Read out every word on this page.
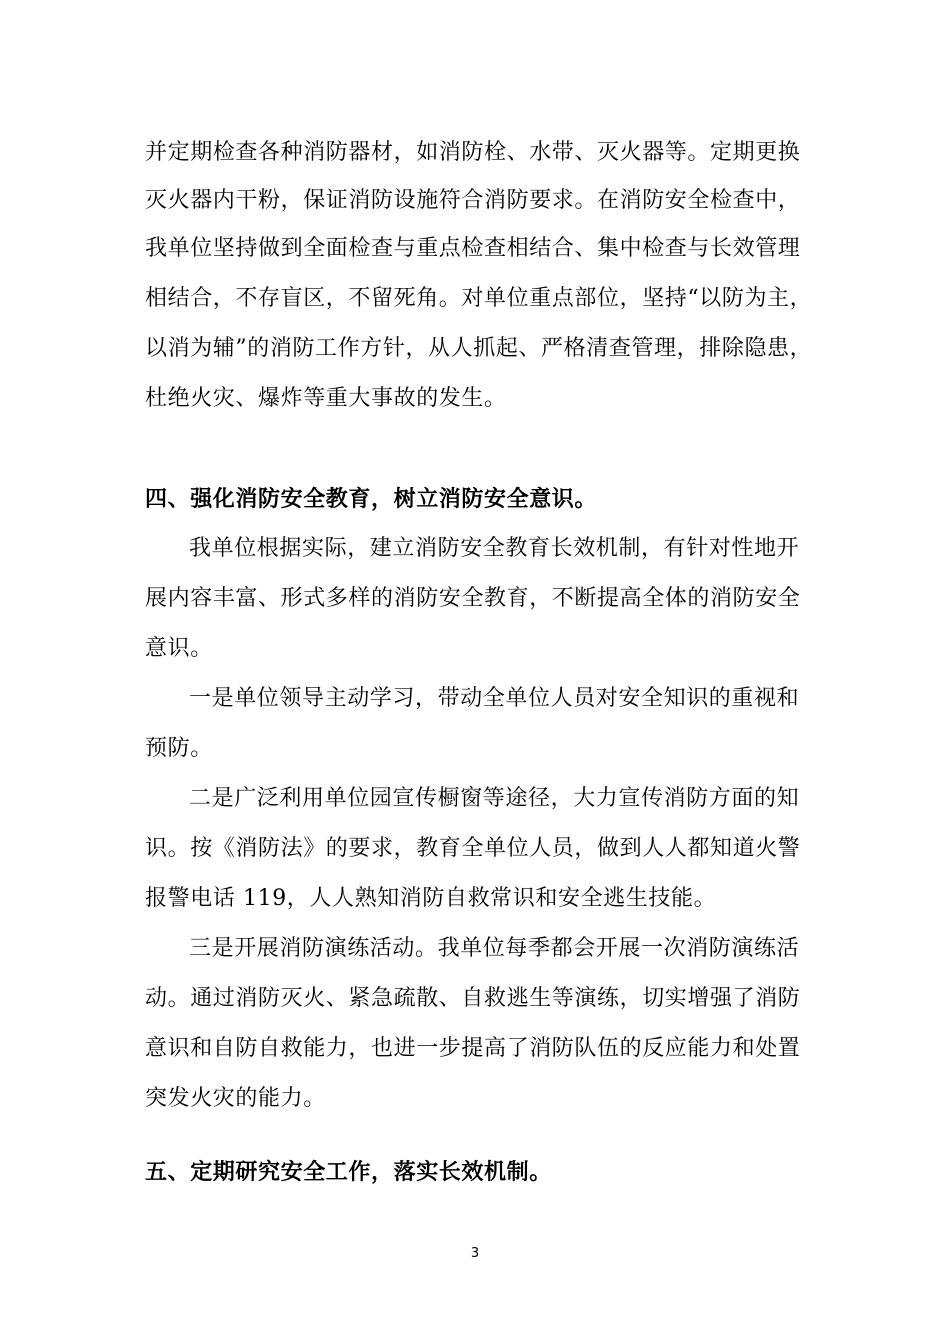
并定期检查各种消防器材，如消防栓、水带、灭火器等。定期更换
灭火器内干粉，保证消防设施符合消防要求。在消防安全检查中，
我单位坚持做到全面检查与重点检查相结合、集中检查与长效管理
相结合，不存盲区，不留死角。对单位重点部位，坚持“以防为主，
以消为辅”的消防工作方针，从人抓起、严格清查管理，排除隐患，
杜绝火灾、爆炸等重大事故的发生。
四、强化消防安全教育，树立消防安全意识。
我单位根据实际，建立消防安全教育长效机制，有针对性地开
展内容丰富、形式多样的消防安全教育，不断提高全体的消防安全
意识。
一是单位领导主动学习，带动全单位人员对安全知识的重视和
预防。
二是广泛利用单位园宣传橱窗等途径，大力宣传消防方面的知
识。按《消防法》的要求，教育全单位人员，做到人人都知道火警
报警电话 119，人人熟知消防自救常识和安全逃生技能。
三是开展消防演练活动。我单位每季都会开展一次消防演练活
动。通过消防灭火、紧急疏散、自救逃生等演练，切实增强了消防
意识和自防自救能力，也进一步提高了消防队伍的反应能力和处置
突发火灾的能力。
五、定期研究安全工作，落实长效机制。
3
